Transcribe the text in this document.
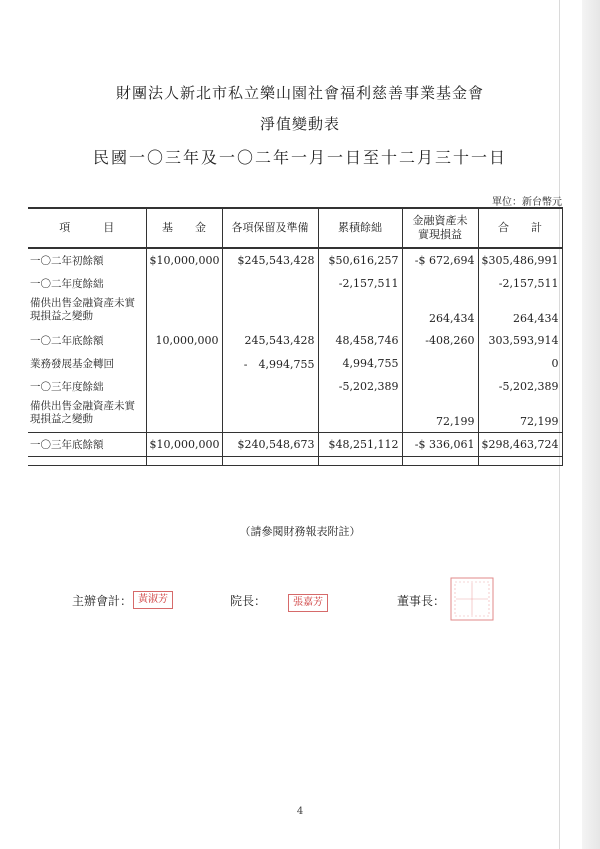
財團法人新北市私立樂山園社會福利慈善事業基金會
淨值變動表
民國一〇三年及一〇二年一月一日至十二月三十一日
單位：新台幣元
項　　　目	基　　金	各項保留及準備	累積餘絀	金融資產未實現損益	合　　計
一〇二年初餘額	$10,000,000	$245,543,428	$50,616,257	-$ 672,694	$305,486,991
一〇二年度餘絀			-2,157,511		-2,157,511
備供出售金融資產未實現損益之變動				264,434	264,434
一〇二年底餘額	10,000,000	245,543,428	48,458,746	-408,260	303,593,914
業務發展基金轉回		-　4,994,755	4,994,755		0
一〇三年度餘絀			-5,202,389		-5,202,389
備供出售金融資產未實現損益之變動				72,199	72,199
一〇三年底餘額	$10,000,000	$240,548,673	$48,251,112	-$ 336,061	$298,463,724

（請參閱財務報表附註）
主辦會計： 黃淑芳	院長：	張嘉芳	董事長：
4
